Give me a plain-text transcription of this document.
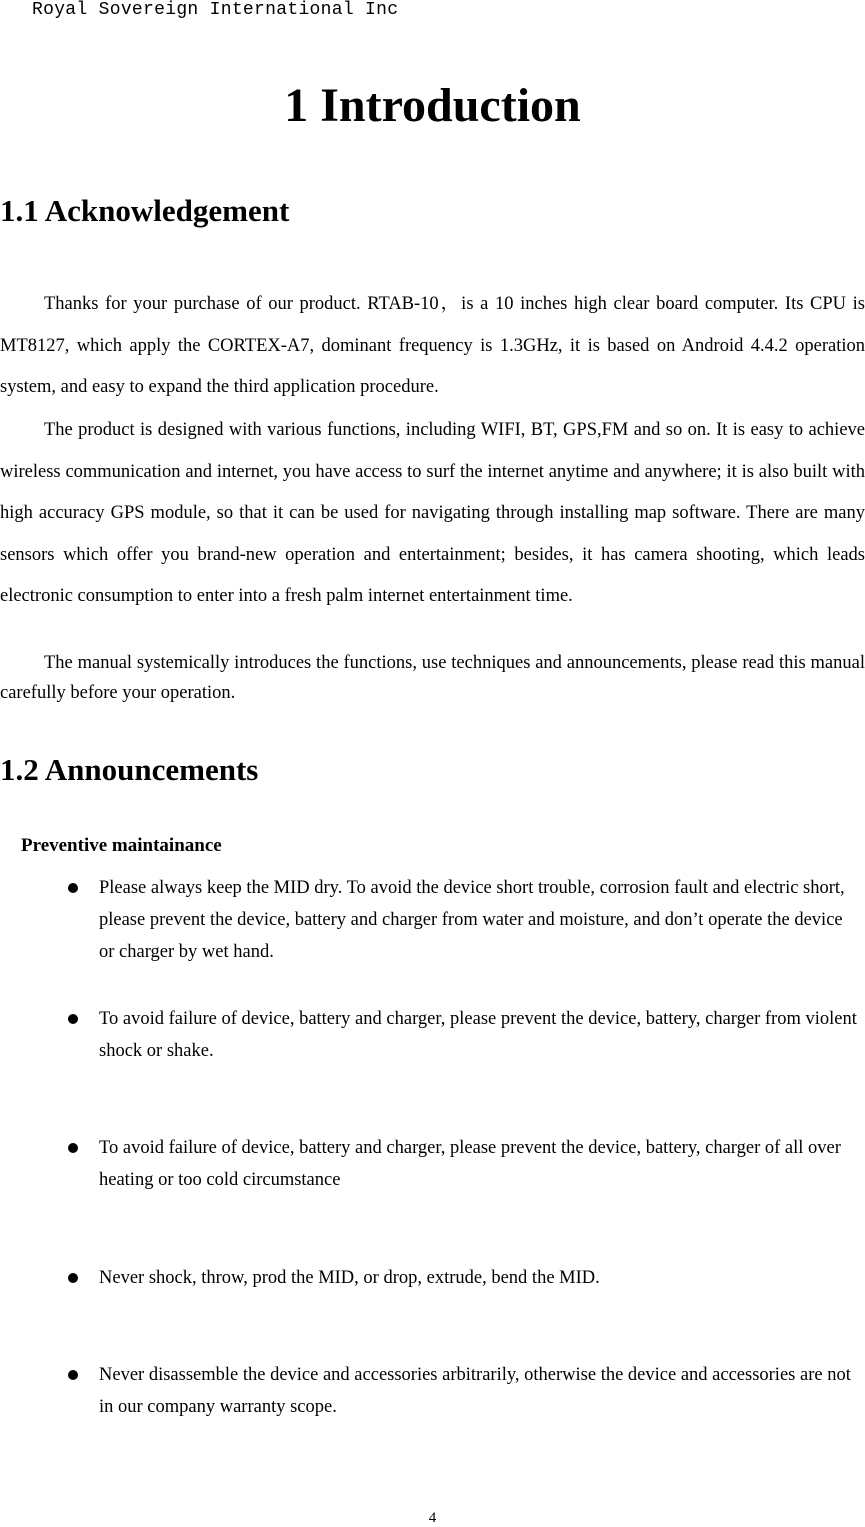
Royal Sovereign International Inc
1 Introduction
1.1 Acknowledgement

Thanks for your purchase of our product. RTAB-10，is a 10 inches high clear board computer. Its CPU is MT8127, which apply the CORTEX-A7, dominant frequency is 1.3GHz, it is based on Android 4.4.2 operation system, and easy to expand the third application procedure.

The product is designed with various functions, including WIFI, BT, GPS,FM and so on. It is easy to achieve wireless communication and internet, you have access to surf the internet anytime and anywhere; it is also built with high accuracy GPS module, so that it can be used for navigating through installing map software. There are many sensors which offer you brand-new operation and entertainment; besides, it has camera shooting, which leads electronic consumption to enter into a fresh palm internet entertainment time.

The manual systemically introduces the functions, use techniques and announcements, please read this manual carefully before your operation.

1.2 Announcements
Preventive maintainance
Please always keep the MID dry. To avoid the device short trouble, corrosion fault and electric short, please prevent the device, battery and charger from water and moisture, and don’t operate the device or charger by wet hand.
To avoid failure of device, battery and charger, please prevent the device, battery, charger from violent shock or shake.
To avoid failure of device, battery and charger, please prevent the device, battery, charger of all over heating or too cold circumstance
Never shock, throw, prod the MID, or drop, extrude, bend the MID.
Never disassemble the device and accessories arbitrarily, otherwise the device and accessories are not in our company warranty scope.
4
